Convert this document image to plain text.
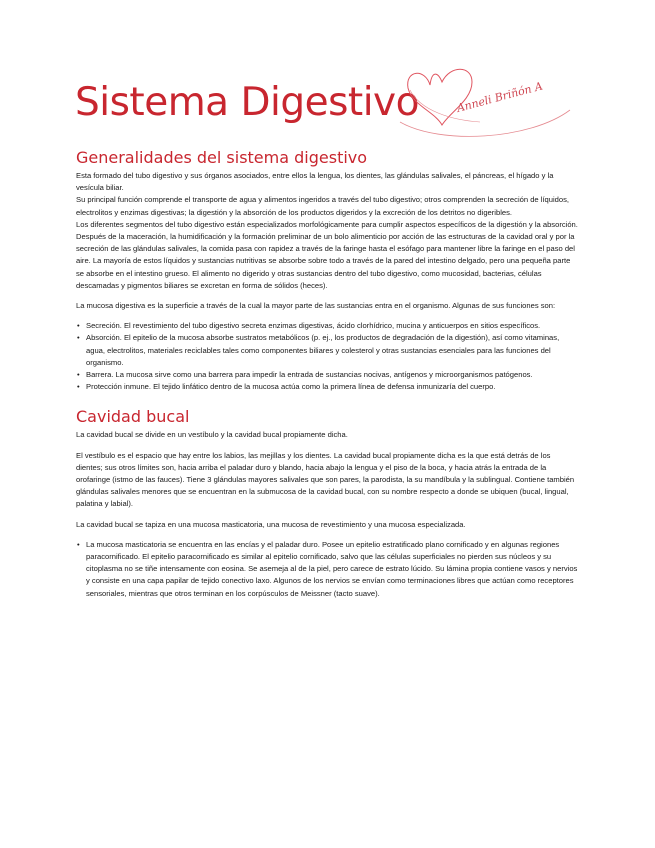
Sistema Digestivo	Anneli Briñón A
Generalidades del sistema digestivo

Esta formado del tubo digestivo y sus órganos asociados, entre ellos la lengua, los dientes, las glándulas salivales, el páncreas, el hígado y la vesícula biliar.

Su principal función comprende el transporte de agua y alimentos ingeridos a través del tubo digestivo; otros comprenden la secreción de líquidos, electrolitos y enzimas digestivas; la digestión y la absorción de los productos digeridos y la excreción de los detritos no digeribles.

Los diferentes segmentos del tubo digestivo están especializados morfológicamente para cumplir aspectos específicos de la digestión y la absorción. Después de la maceración, la humidificación y la formación preliminar de un bolo alimenticio por acción de las estructuras de la cavidad oral y por la secreción de las glándulas salivales, la comida pasa con rapidez a través de la faringe hasta el esófago para mantener libre la faringe en el paso del aire. La mayoría de estos líquidos y sustancias nutritivas se absorbe sobre todo a través de la pared del intestino delgado, pero una pequeña parte se absorbe en el intestino grueso. El alimento no digerido y otras sustancias dentro del tubo digestivo, como mucosidad, bacterias, células descamadas y pigmentos biliares se excretan en forma de sólidos (heces).

La mucosa digestiva es la superficie a través de la cual la mayor parte de las sustancias entra en el organismo. Algunas de sus funciones son:

• Secreción. El revestimiento del tubo digestivo secreta enzimas digestivas, ácido clorhídrico, mucina y anticuerpos en sitios específicos.
• Absorción. El epitelio de la mucosa absorbe sustratos metabólicos (p. ej., los productos de degradación de la digestión), así como vitaminas, agua, electrolitos, materiales reciclables tales como componentes biliares y colesterol y otras sustancias esenciales para las funciones del organismo.
• Barrera. La mucosa sirve como una barrera para impedir la entrada de sustancias nocivas, antígenos y microorganismos patógenos.
• Protección inmune. El tejido linfático dentro de la mucosa actúa como la primera línea de defensa inmunizaría del cuerpo.
Cavidad bucal

La cavidad bucal se divide en un vestíbulo y la cavidad bucal propiamente dicha.

El vestíbulo es el espacio que hay entre los labios, las mejillas y los dientes. La cavidad bucal propiamente dicha es la que está detrás de los dientes; sus otros límites son, hacia arriba el paladar duro y blando, hacia abajo la lengua y el piso de la boca, y hacia atrás la entrada de la orofaringe (istmo de las fauces). Tiene 3 glándulas mayores salivales que son pares, la parodista, la su mandíbula y la sublingual. Contiene también glándulas salivales menores que se encuentran en la submucosa de la cavidad bucal, con su nombre respecto a donde se ubiquen (bucal, lingual, palatina y labial).

La cavidad bucal se tapiza en una mucosa masticatoria, una mucosa de revestimiento y una mucosa especializada.

• La mucosa masticatoria se encuentra en las encías y el paladar duro. Posee un epitelio estratificado plano cornificado y en algunas regiones paracornificado. El epitelio paracornificado es similar al epitelio cornificado, salvo que las células superficiales no pierden sus núcleos y su citoplasma no se tiñe intensamente con eosina. Se asemeja al de la piel, pero carece de estrato lúcido. Su lámina propia contiene vasos y nervios y consiste en una capa papilar de tejido conectivo laxo. Algunos de los nervios se envían como terminaciones libres que actúan como receptores sensoriales, mientras que otros terminan en los corpúsculos de Meissner (tacto suave).
